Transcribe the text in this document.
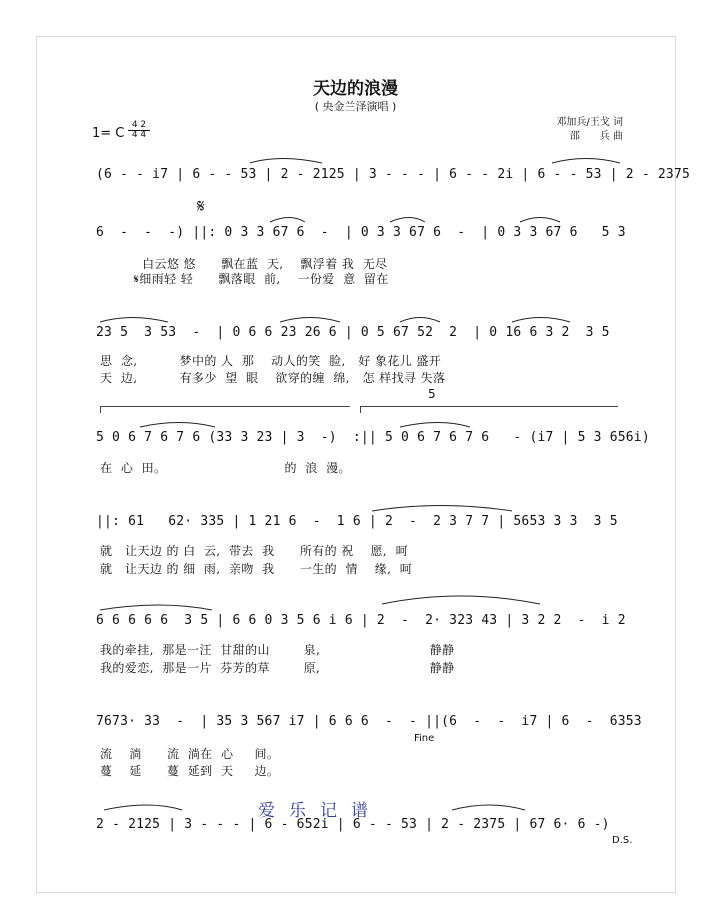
天边的浪漫
( 央金兰泽演唱 )
1= C
4 2
4 4
邓加兵/王戈 词
邵　　兵 曲
(6 - - i7 | 6 - - 53 | 2 - 2125 | 3 - - - | 6 - - 2i | 6 - - 53 | 2 - 2375
𝄋
6  -  -  -) ||: 0 3 3 67 6  -  | 0 3 3 67 6  -  | 0 3 3 67 6   5 3
白云悠 悠      飘在蓝  天,    飘浮着 我  无尽
𝄋细雨轻 轻      飘落眼  前,    一份爱  意  留在
23 5  3 53  -  | 0 6 6 23 26 6 | 0 5 67 52  2  | 0 16 6 3 2  3 5
思  念,          梦中的 人  那    动人的笑  脸,   好 象花儿 盛开
天  边,          有多少  望  眼    欲穿的缠  绵,   怎 样找寻 失落
5
5 0 6 7 6 7 6 (33 3 23 | 3  -)  :|| 5 0 6 7 6 7 6   - (i7 | 5 3 656i)
在  心  田。                            的  浪  漫。
||: 61   62· 335 | 1 21 6  -  1 6 | 2  -  2 3 7 7 | 5653 3 3  3 5
就   让天边 的 白  云,  带去  我      所有的 祝    愿,  呵
就   让天边 的 细  雨,  亲吻  我      一生的  情    缘,  呵
6 6 6 6 6  3 5 | 6 6 0 3 5 6 i 6 | 2  -  2· 323 43 | 3 2 2  -  i 2
我的牵挂,  那是一汪  甘甜的山        泉,                          静静
我的爱恋,  那是一片  芬芳的草        原,                          静静
7673· 33  -  | 35 3 567 i7 | 6 6 6  -  - ||(6  -  -  i7 | 6  -  6353
Fine
流    淌      流  淌在  心     间。
蔓    延      蔓  延到  天     边。
爱乐记谱
2 - 2125 | 3 - - - | 6 - 652i | 6 - - 53 | 2 - 2375 | 67 6· 6 -)
D.S.
